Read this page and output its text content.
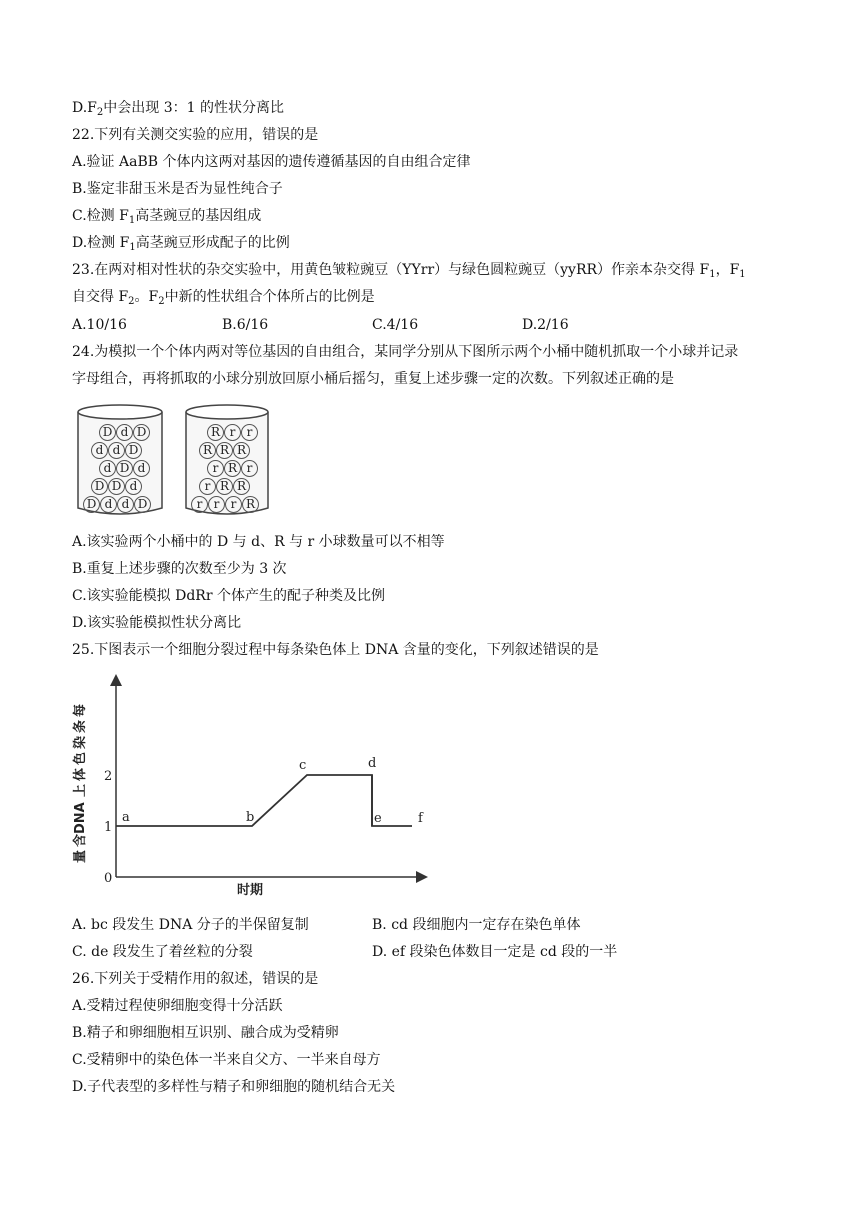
$D.F_2$中会出现 3：1 的性状分离比
22.下列有关测交实验的应用，错误的是
A.验证 AaBB 个体内这两对基因的遗传遵循基因的自由组合定律
B.鉴定非甜玉米是否为显性纯合子
C.检测 $F_1$高茎豌豆的基因组成
D.检测 $F_1$高茎豌豆形成配子的比例
23.在两对相对性状的杂交实验中，用黄色皱粒豌豆（YYrr）与绿色圆粒豌豆（yyRR）作亲本杂交得 $F_1$，$F_1$
自交得 $F_2$。$F_2$中新的性状组合个体所占的比例是
A.10/16	B.6/16	C.4/16	D.2/16
24.为模拟一个个体内两对等位基因的自由组合，某同学分别从下图所示两个小桶中随机抓取一个小球并记录
字母组合，再将抓取的小球分别放回原小桶后摇匀，重复上述步骤一定的次数。下列叙述正确的是
D d D
d d D
d D d
D D d
D d d D
R r r
R R R
r R r
r R R
r r r R
A.该实验两个小桶中的 D 与 d、R 与 r 小球数量可以不相等
B.重复上述步骤的次数至少为 3 次
C.该实验能模拟 DdRr 个体产生的配子种类及比例
D.该实验能模拟性状分离比
25.下图表示一个细胞分裂过程中每条染色体上 DNA 含量的变化，下列叙述错误的是
每
条
染
色
体
上
DNA
含
量
0
1
2
a	b
c	d
e	f
时期
A. bc 段发生 DNA 分子的半保留复制	B. cd 段细胞内一定存在染色单体
C. de 段发生了着丝粒的分裂	D. ef 段染色体数目一定是 cd 段的一半
26.下列关于受精作用的叙述，错误的是
A.受精过程使卵细胞变得十分活跃
B.精子和卵细胞相互识别、融合成为受精卵
C.受精卵中的染色体一半来自父方、一半来自母方
D.子代表型的多样性与精子和卵细胞的随机结合无关
